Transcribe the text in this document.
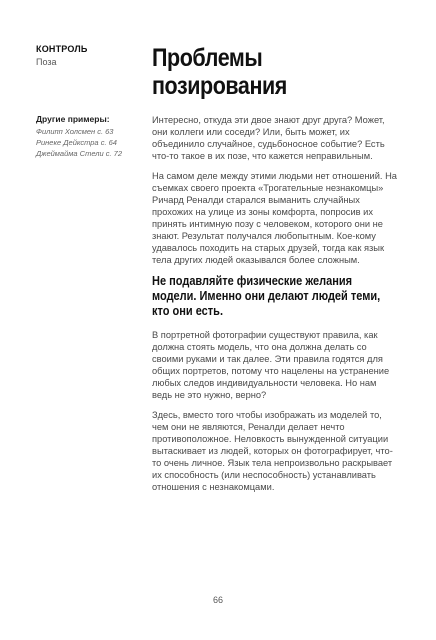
КОНТРОЛЬ
Поза
Другие примеры:
Филипп Холсмен с. 63
Ринеке Дейкстра с. 64
Джеймайма Стели с. 72
Проблемы
позирования

Интересно, откуда эти двое знают друг друга? Может, они коллеги или соседи? Или, быть может, их объединило случайное, судьбоносное событие? Есть что-то такое в их позе, что кажется неправильным.

На самом деле между этими людьми нет отношений. На съемках своего проекта «Трогательные незнакомцы» Ричард Реналди старался выманить случайных прохожих на улице из зоны комфорта, попросив их принять интимную позу с человеком, которого они не знают. Результат получался любопытным. Кое-кому удавалось походить на старых друзей, тогда как язык тела других людей оказывался более сложным.

Не подавляйте физические желания модели. Именно они делают людей теми, кто они есть.

В портретной фотографии существуют правила, как должна стоять модель, что она должна делать со своими руками и так далее. Эти правила годятся для общих портретов, потому что нацелены на устранение любых следов индивидуальности человека. Но нам ведь не это нужно, верно?

Здесь, вместо того чтобы изображать из моделей то, чем они не являются, Реналди делает нечто противоположное. Неловкость вынужденной ситуации вытаскивает из людей, которых он фотографирует, что-то очень личное. Язык тела непроизвольно раскрывает их способность (или неспособность) устанавливать отношения с незнакомцами.

66
